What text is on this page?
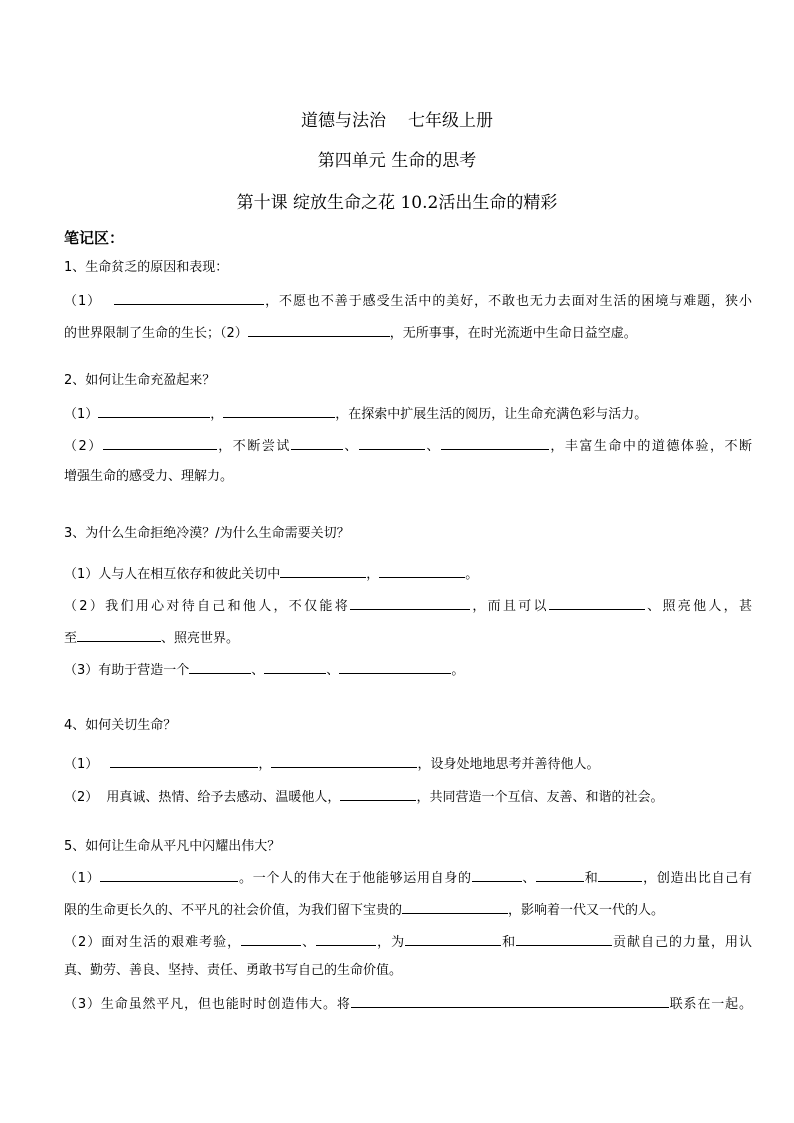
道德与法治 七年级上册
第四单元 生命的思考
第十课 绽放生命之花 10.2活出生命的精彩
笔记区：
1、生命贫乏的原因和表现：
（1）	，不愿也不善于感受生活中的美好，不敢也无力去面对生活的困境与难题，狭小
的世界限制了生命的生长；（2）	，无所事事，在时光流逝中生命日益空虚。
2、如何让生命充盈起来？
（1）	，	，在探索中扩展生活的阅历，让生命充满色彩与活力。
（2）	，不断尝试	、	、	，丰富生命中的道德体验，不断
增强生命的感受力、理解力。
3、为什么生命拒绝冷漠？/为什么生命需要关切？
（1）人与人在相互依存和彼此关切中	，	。
（2）我们用心对待自己和他人，不仅能将	，而且可以	、照亮他人，甚
至	、照亮世界。
（3）有助于营造一个	、	、	。
4、如何关切生命？
（1）	，	，设身处地地思考并善待他人。
（2） 用真诚、热情、给予去感动、温暖他人，	，共同营造一个互信、友善、和谐的社会。
5、如何让生命从平凡中闪耀出伟大？
（1）	。一个人的伟大在于他能够运用自身的	、	和	，创造出比自己有
限的生命更长久的、不平凡的社会价值，为我们留下宝贵的	，影响着一代又一代的人。
（2）面对生活的艰难考验，	、	，为	和	贡献自己的力量，用认
真、勤劳、善良、坚持、责任、勇敢书写自己的生命价值。
（3）生命虽然平凡，但也能时时创造伟大。将	联系在一起。
